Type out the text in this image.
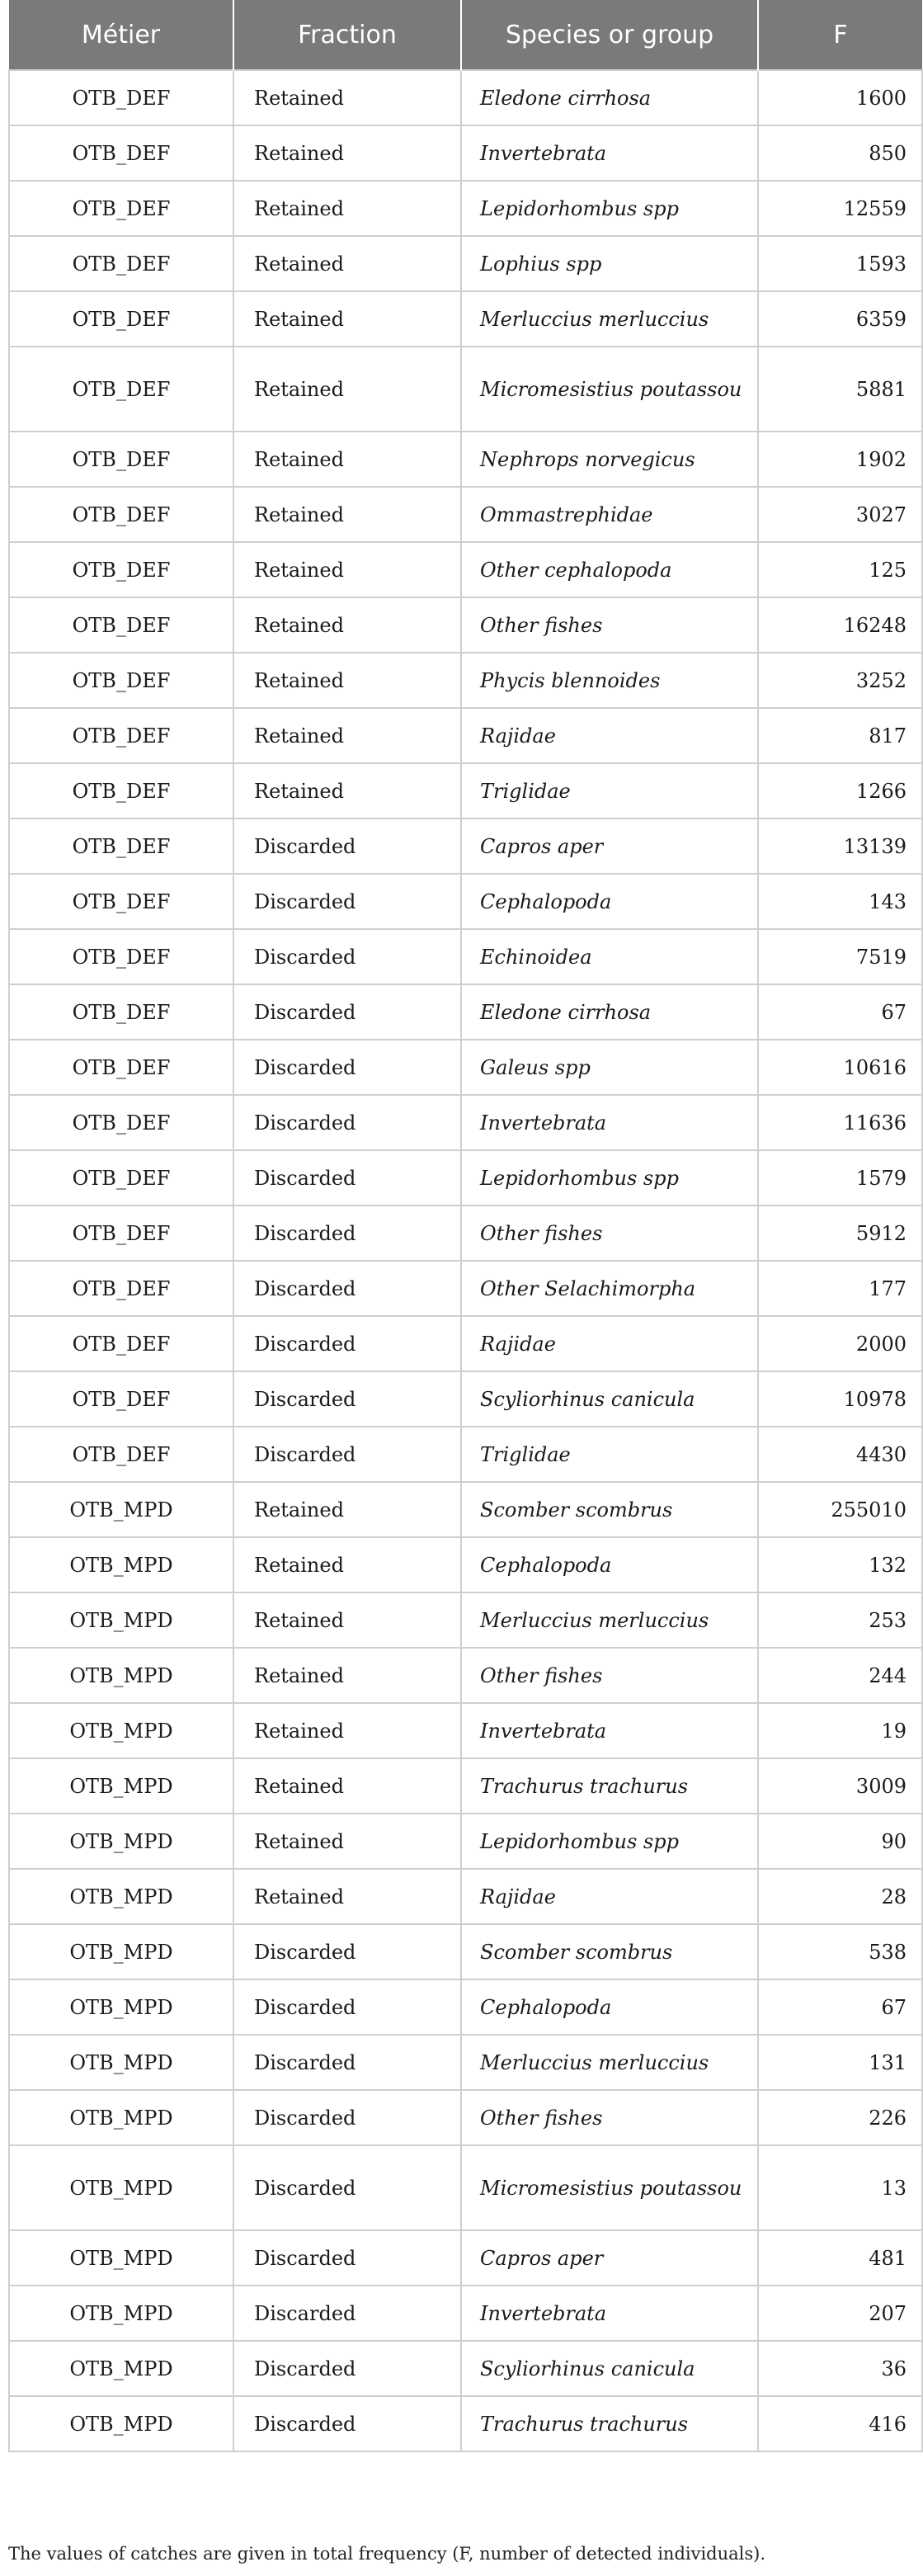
Métier	Fraction	Species or group	F
OTB_DEF	Retained	Eledone cirrhosa	1600
OTB_DEF	Retained	Invertebrata	850
OTB_DEF	Retained	Lepidorhombus spp	12559
OTB_DEF	Retained	Lophius spp	1593
OTB_DEF	Retained	Merluccius merluccius	6359
OTB_DEF	Retained	Micromesistius poutassou	5881
OTB_DEF	Retained	Nephrops norvegicus	1902
OTB_DEF	Retained	Ommastrephidae	3027
OTB_DEF	Retained	Other cephalopoda	125
OTB_DEF	Retained	Other fishes	16248
OTB_DEF	Retained	Phycis blennoides	3252
OTB_DEF	Retained	Rajidae	817
OTB_DEF	Retained	Triglidae	1266
OTB_DEF	Discarded	Capros aper	13139
OTB_DEF	Discarded	Cephalopoda	143
OTB_DEF	Discarded	Echinoidea	7519
OTB_DEF	Discarded	Eledone cirrhosa	67
OTB_DEF	Discarded	Galeus spp	10616
OTB_DEF	Discarded	Invertebrata	11636
OTB_DEF	Discarded	Lepidorhombus spp	1579
OTB_DEF	Discarded	Other fishes	5912
OTB_DEF	Discarded	Other Selachimorpha	177
OTB_DEF	Discarded	Rajidae	2000
OTB_DEF	Discarded	Scyliorhinus canicula	10978
OTB_DEF	Discarded	Triglidae	4430
OTB_MPD	Retained	Scomber scombrus	255010
OTB_MPD	Retained	Cephalopoda	132
OTB_MPD	Retained	Merluccius merluccius	253
OTB_MPD	Retained	Other fishes	244
OTB_MPD	Retained	Invertebrata	19
OTB_MPD	Retained	Trachurus trachurus	3009
OTB_MPD	Retained	Lepidorhombus spp	90
OTB_MPD	Retained	Rajidae	28
OTB_MPD	Discarded	Scomber scombrus	538
OTB_MPD	Discarded	Cephalopoda	67
OTB_MPD	Discarded	Merluccius merluccius	131
OTB_MPD	Discarded	Other fishes	226
OTB_MPD	Discarded	Micromesistius poutassou	13
OTB_MPD	Discarded	Capros aper	481
OTB_MPD	Discarded	Invertebrata	207
OTB_MPD	Discarded	Scyliorhinus canicula	36
OTB_MPD	Discarded	Trachurus trachurus	416
The values of catches are given in total frequency (F, number of detected individuals).
